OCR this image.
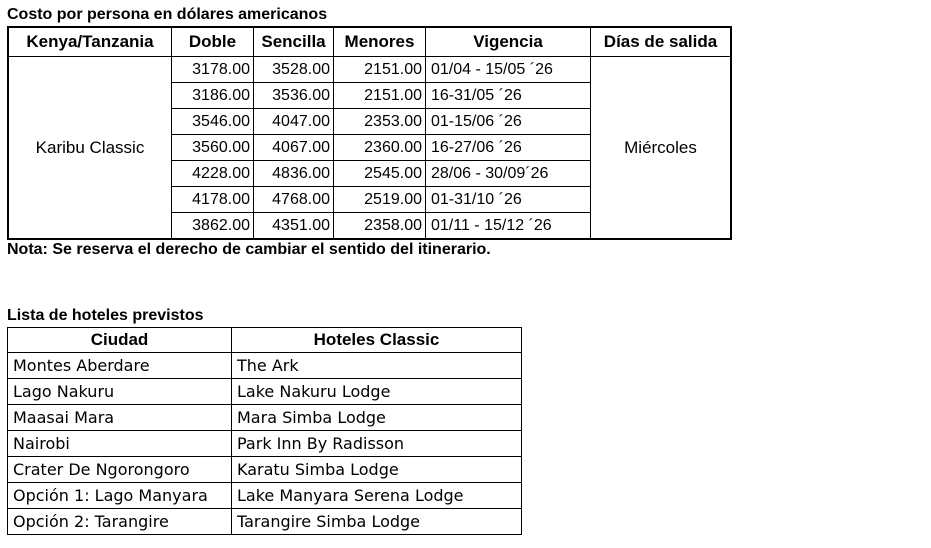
Costo por persona en dólares americanos
Kenya/Tanzania	Doble	Sencilla	Menores	Vigencia	Días de salida
Karibu Classic	3178.00	3528.00	2151.00	01/04 - 15/05 ´26	Miércoles
	3186.00	3536.00	2151.00	16-31/05 ´26	
	3546.00	4047.00	2353.00	01-15/06 ´26	
	3560.00	4067.00	2360.00	16-27/06 ´26	
	4228.00	4836.00	2545.00	28/06 - 30/09´26	
	4178.00	4768.00	2519.00	01-31/10 ´26	
	3862.00	4351.00	2358.00	01/11 - 15/12 ´26	
Nota: Se reserva el derecho de cambiar el sentido del itinerario.
Lista de hoteles previstos
Ciudad	Hoteles Classic
Montes Aberdare	The Ark
Lago Nakuru	Lake Nakuru Lodge
Maasai Mara	Mara Simba Lodge
Nairobi	Park Inn By Radisson
Crater De Ngorongoro	Karatu Simba Lodge
Opción 1: Lago Manyara	Lake Manyara Serena Lodge
Opción 2: Tarangire	Tarangire Simba Lodge
